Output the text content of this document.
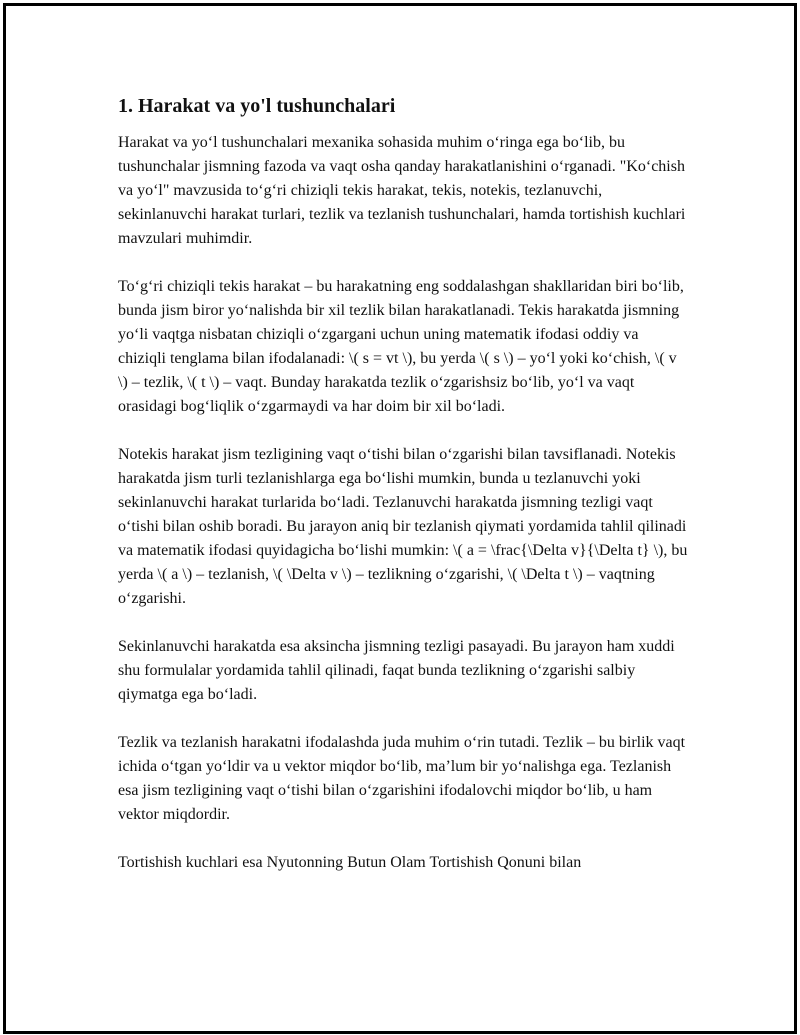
1. Harakat va yo'l tushunchalari

Harakat va yo‘l tushunchalari mexanika sohasida muhim o‘ringa ega bo‘lib, bu tushunchalar jismning fazoda va vaqt osha qanday harakatlanishini o‘rganadi. "Ko‘chish va yo‘l" mavzusida to‘g‘ri chiziqli tekis harakat, tekis, notekis, tezlanuvchi, sekinlanuvchi harakat turlari, tezlik va tezlanish tushunchalari, hamda tortishish kuchlari mavzulari muhimdir.

To‘g‘ri chiziqli tekis harakat – bu harakatning eng soddalashgan shakllaridan biri bo‘lib, bunda jism biror yo‘nalishda bir xil tezlik bilan harakatlanadi. Tekis harakatda jismning yo‘li vaqtga nisbatan chiziqli o‘zgargani uchun uning matematik ifodasi oddiy va chiziqli tenglama bilan ifodalanadi: \( s = vt \), bu yerda \( s \) – yo‘l yoki ko‘chish, \( v \) – tezlik, \( t \) – vaqt. Bunday harakatda tezlik o‘zgarishsiz bo‘lib, yo‘l va vaqt orasidagi bog‘liqlik o‘zgarmaydi va har doim bir xil bo‘ladi.

Notekis harakat jism tezligining vaqt o‘tishi bilan o‘zgarishi bilan tavsiflanadi. Notekis harakatda jism turli tezlanishlarga ega bo‘lishi mumkin, bunda u tezlanuvchi yoki sekinlanuvchi harakat turlarida bo‘ladi. Tezlanuvchi harakatda jismning tezligi vaqt o‘tishi bilan oshib boradi. Bu jarayon aniq bir tezlanish qiymati yordamida tahlil qilinadi va matematik ifodasi quyidagicha bo‘lishi mumkin: \( a = \frac{\Delta v}{\Delta t} \), bu yerda \( a \) – tezlanish, \( \Delta v \) – tezlikning o‘zgarishi, \( \Delta t \) – vaqtning o‘zgarishi.

Sekinlanuvchi harakatda esa aksincha jismning tezligi pasayadi. Bu jarayon ham xuddi shu formulalar yordamida tahlil qilinadi, faqat bunda tezlikning o‘zgarishi salbiy qiymatga ega bo‘ladi.

Tezlik va tezlanish harakatni ifodalashda juda muhim o‘rin tutadi. Tezlik – bu birlik vaqt ichida o‘tgan yo‘ldir va u vektor miqdor bo‘lib, ma’lum bir yo‘nalishga ega. Tezlanish esa jism tezligining vaqt o‘tishi bilan o‘zgarishini ifodalovchi miqdor bo‘lib, u ham vektor miqdordir.

Tortishish kuchlari esa Nyutonning Butun Olam Tortishish Qonuni bilan
